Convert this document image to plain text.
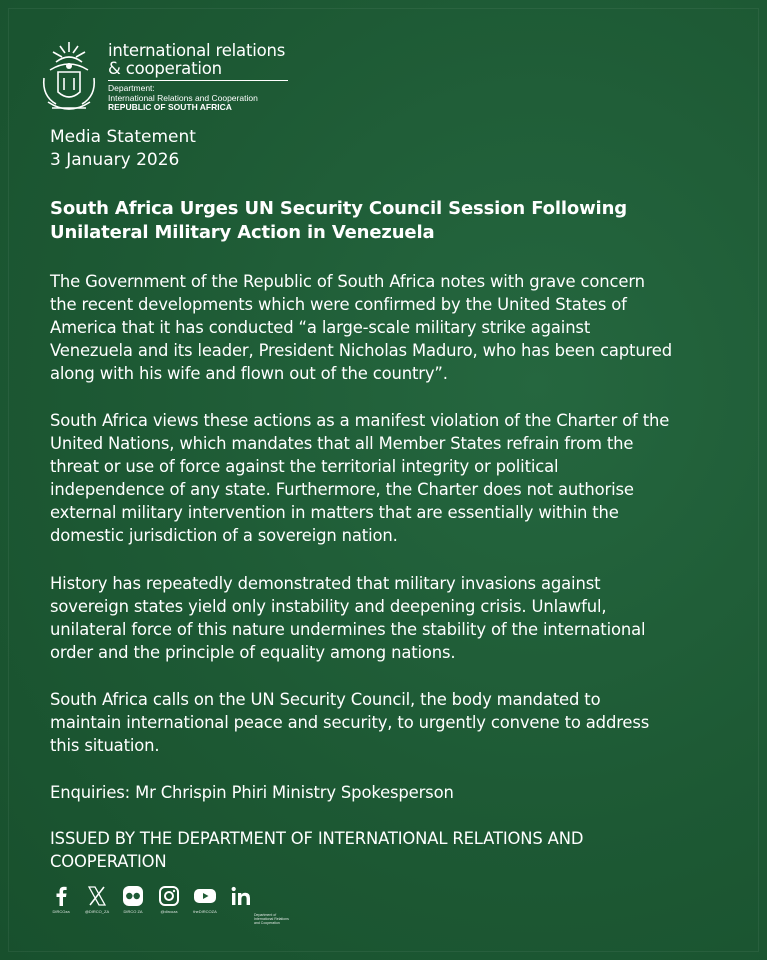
international relations
& cooperation
Department:
International Relations and Cooperation
REPUBLIC OF SOUTH AFRICA
Media Statement
3 January 2026
South Africa Urges UN Security Council Session Following
Unilateral Military Action in Venezuela
The Government of the Republic of South Africa notes with grave concern
the recent developments which were confirmed by the United States of
America that it has conducted “a large-scale military strike against
Venezuela and its leader, President Nicholas Maduro, who has been captured
along with his wife and flown out of the country”.
South Africa views these actions as a manifest violation of the Charter of the
United Nations, which mandates that all Member States refrain from the
threat or use of force against the territorial integrity or political
independence of any state. Furthermore, the Charter does not authorise
external military intervention in matters that are essentially within the
domestic jurisdiction of a sovereign nation.
History has repeatedly demonstrated that military invasions against
sovereign states yield only instability and deepening crisis. Unlawful,
unilateral force of this nature undermines the stability of the international
order and the principle of equality among nations.
South Africa calls on the UN Security Council, the body mandated to
maintain international peace and security, to urgently convene to address
this situation.
Enquiries: Mr Chrispin Phiri Ministry Spokesperson
ISSUED BY THE DEPARTMENT OF INTERNATIONAL RELATIONS AND
COOPERATION
DIRCOza	@DIRCO_ZA	DIRCO ZA	@dircoza	theDIRCOZA
Department of International Relations and Cooperation
